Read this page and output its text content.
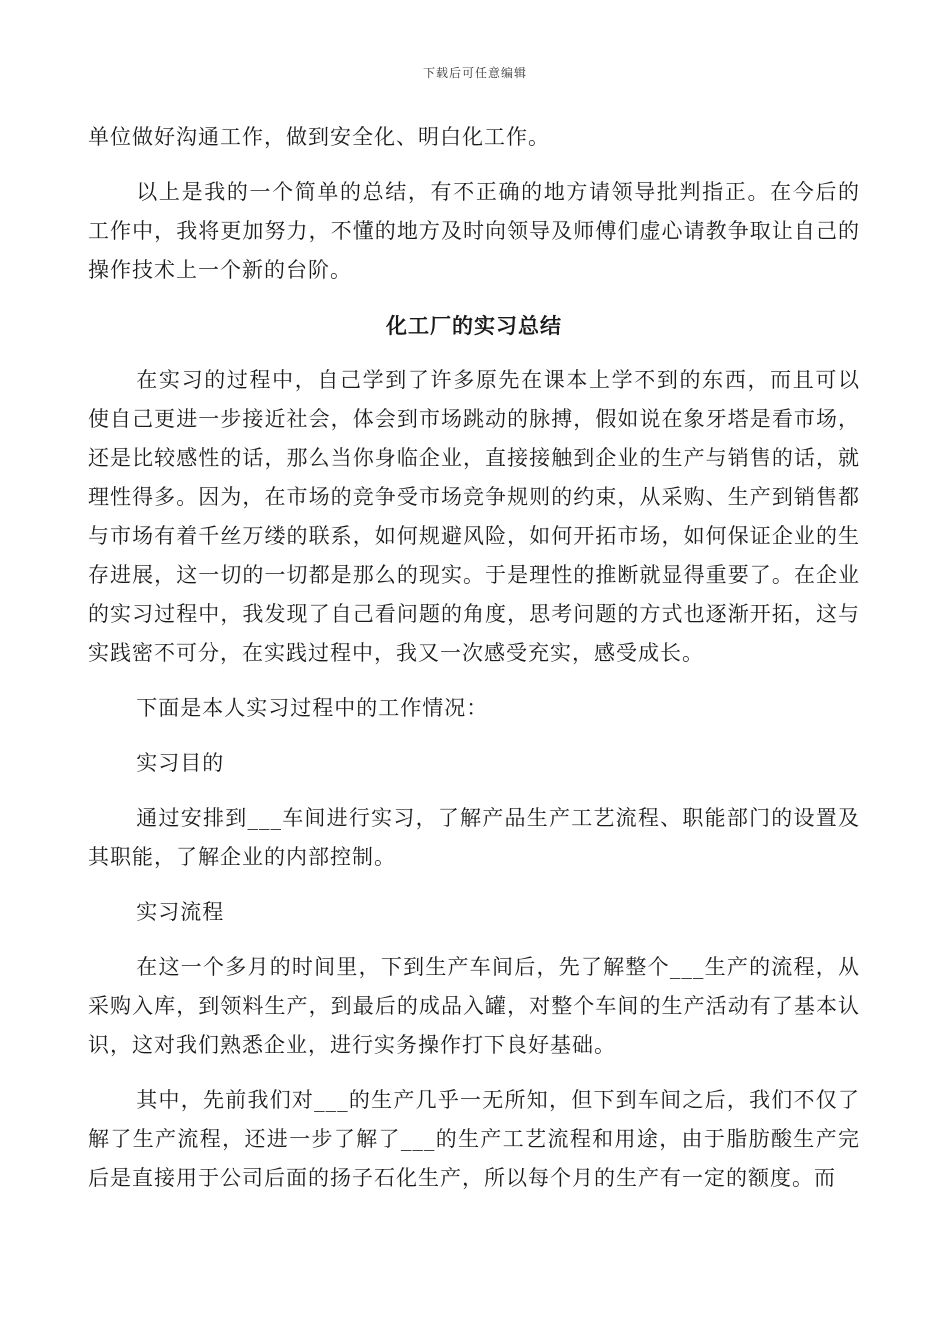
下载后可任意编辑

单位做好沟通工作，做到安全化、明白化工作。

以上是我的一个简单的总结，有不正确的地方请领导批判指正。在今后的工作中，我将更加努力，不懂的地方及时向领导及师傅们虚心请教争取让自己的操作技术上一个新的台阶。

化工厂的实习总结

在实习的过程中，自己学到了许多原先在课本上学不到的东西，而且可以使自己更进一步接近社会，体会到市场跳动的脉搏，假如说在象牙塔是看市场，还是比较感性的话，那么当你身临企业，直接接触到企业的生产与销售的话，就理性得多。因为，在市场的竞争受市场竞争规则的约束，从采购、生产到销售都与市场有着千丝万缕的联系，如何规避风险，如何开拓市场，如何保证企业的生存进展，这一切的一切都是那么的现实。于是理性的推断就显得重要了。在企业的实习过程中，我发现了自己看问题的角度，思考问题的方式也逐渐开拓，这与实践密不可分，在实践过程中，我又一次感受充实，感受成长。

下面是本人实习过程中的工作情况：

实习目的

通过安排到___车间进行实习，了解产品生产工艺流程、职能部门的设置及其职能，了解企业的内部控制。

实习流程

在这一个多月的时间里，下到生产车间后，先了解整个___生产的流程，从采购入库，到领料生产，到最后的成品入罐，对整个车间的生产活动有了基本认识，这对我们熟悉企业，进行实务操作打下良好基础。

其中，先前我们对___的生产几乎一无所知，但下到车间之后，我们不仅了解了生产流程，还进一步了解了___的生产工艺流程和用途，由于脂肪酸生产完后是直接用于公司后面的扬子石化生产，所以每个月的生产有一定的额度。而
